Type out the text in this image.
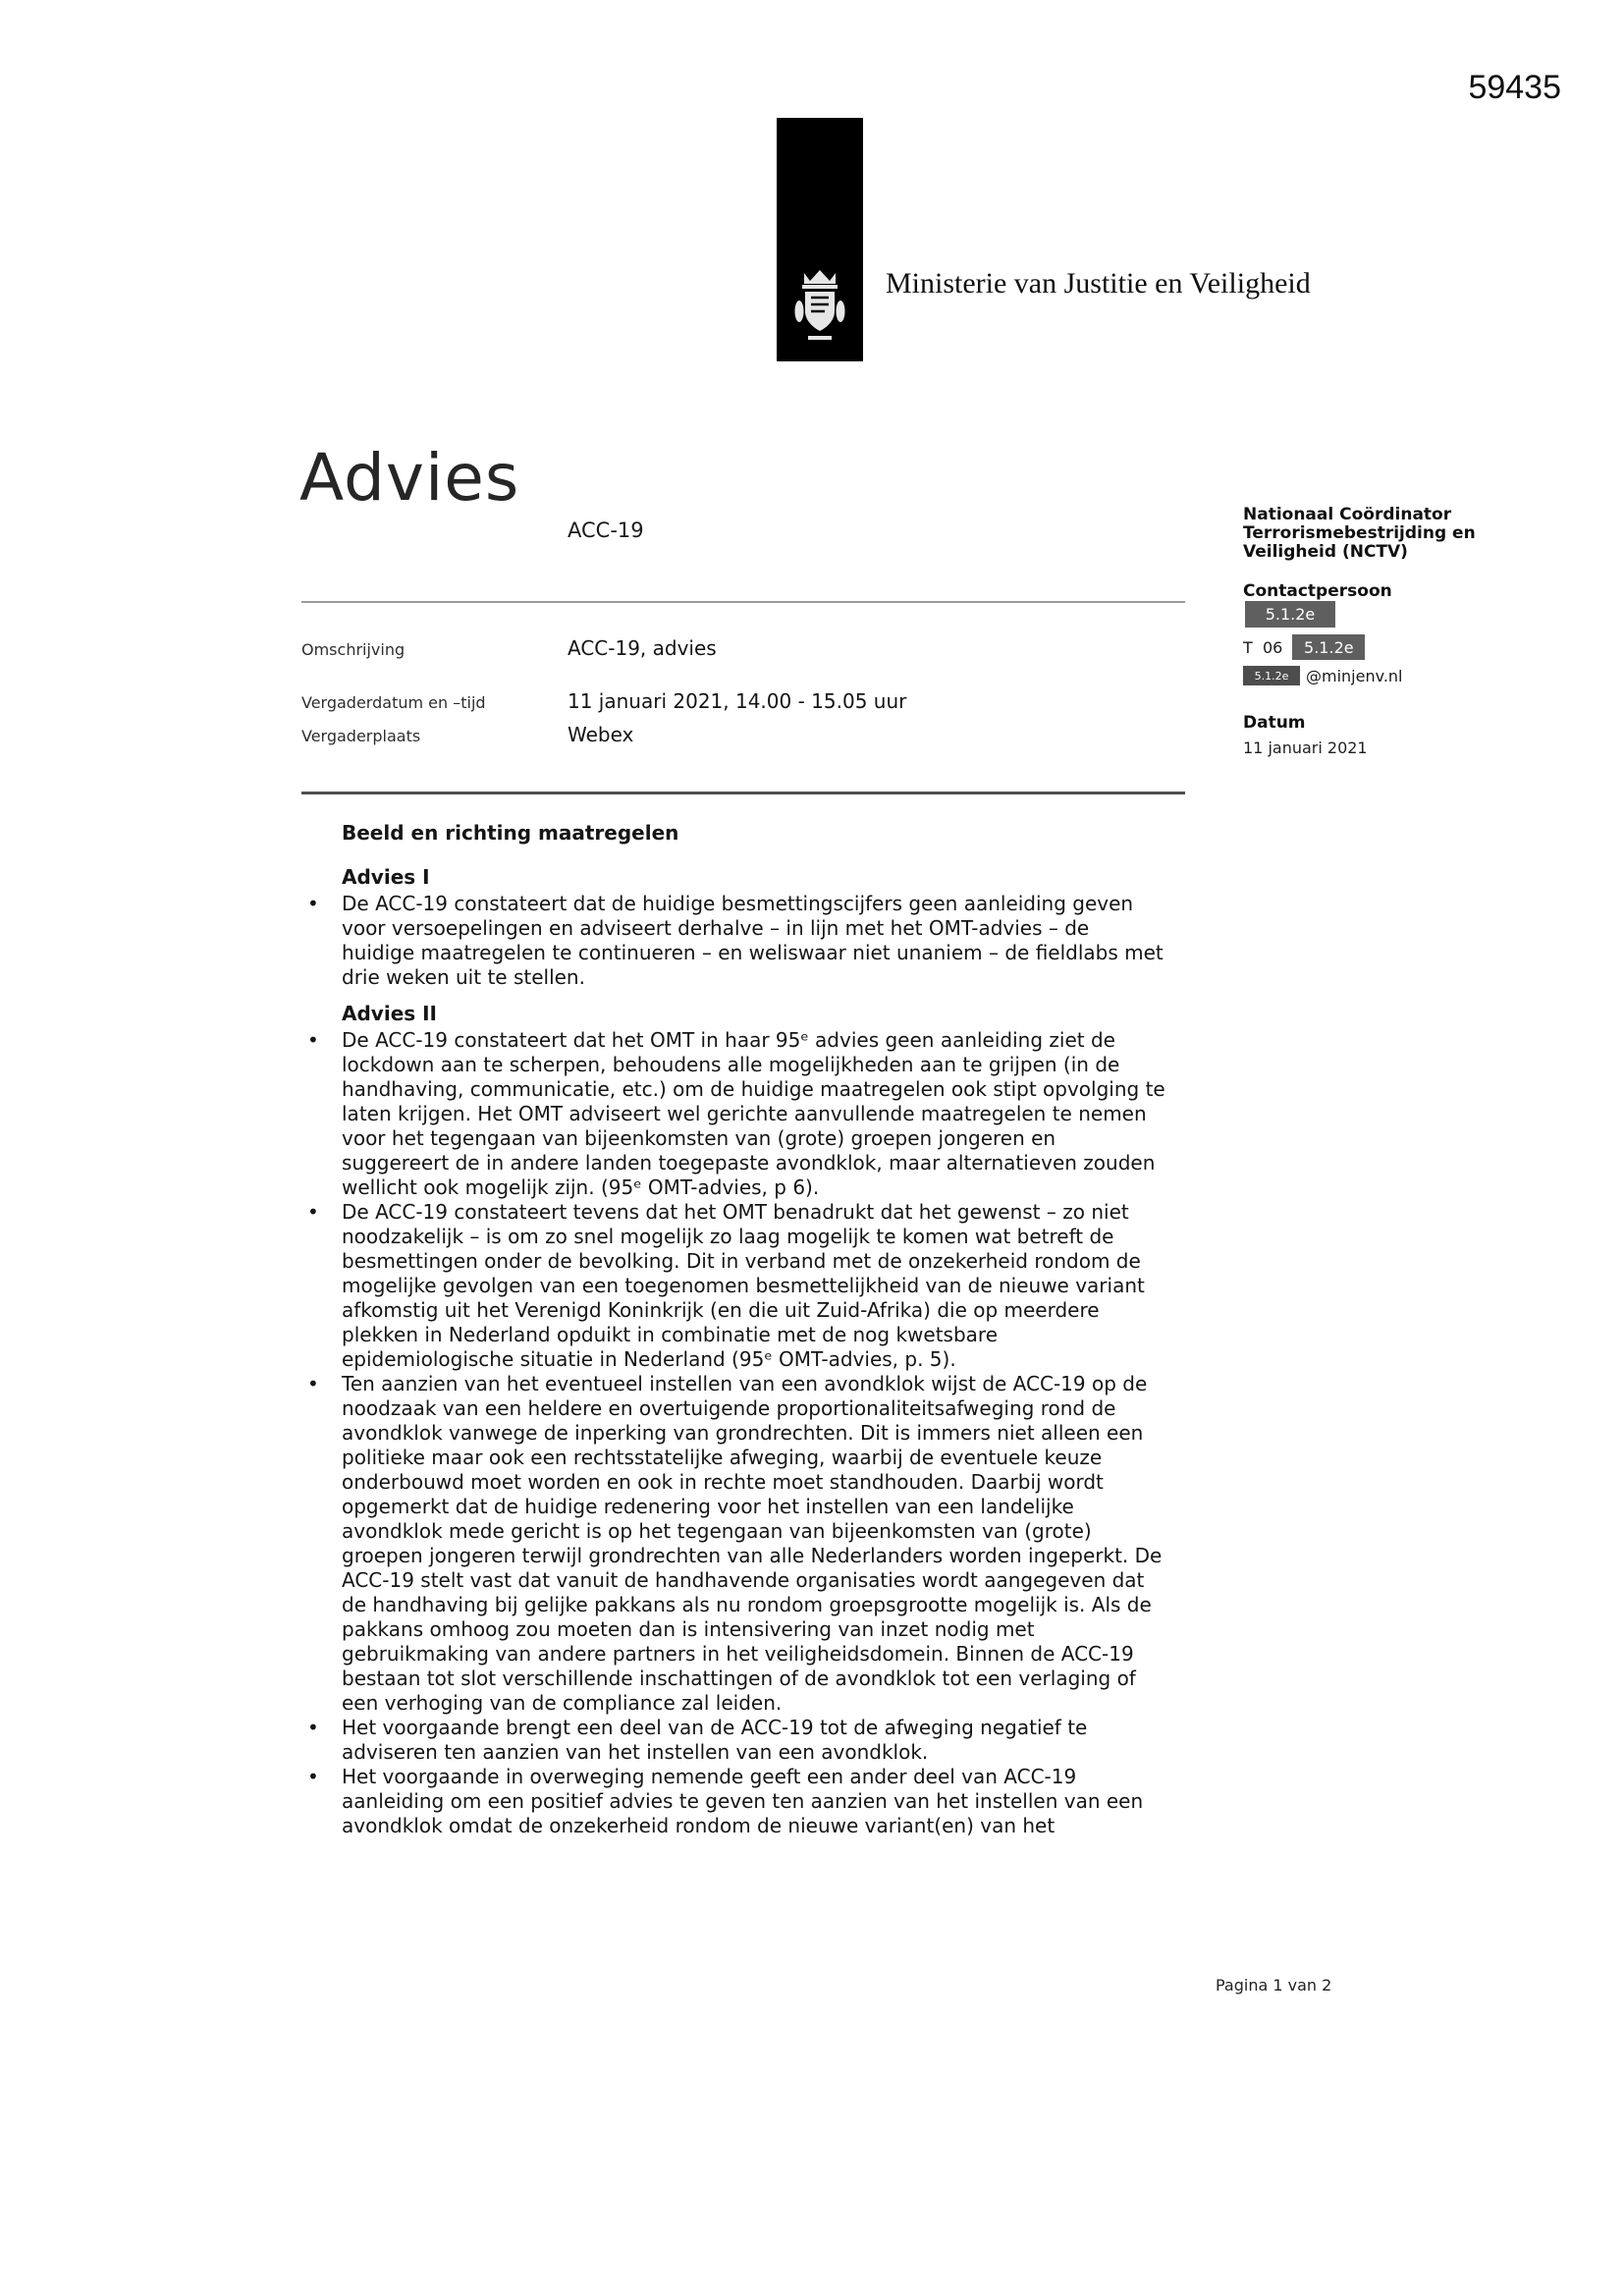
59435
Ministerie van Justitie en Veiligheid
Advies
ACC-19
Omschrijving	ACC-19, advies
Vergaderdatum en –tijd	11 januari 2021, 14.00 - 15.05 uur
Vergaderplaats	Webex
Nationaal Coördinator
Terrorismebestrijding en
Veiligheid (NCTV)
Contactpersoon
5.1.2e
T  06	5.1.2e
5.1.2e	@minjenv.nl
Datum
11 januari 2021
Beeld en richting maatregelen
Advies I
• De ACC-19 constateert dat de huidige besmettingscijfers geen aanleiding geven voor versoepelingen en adviseert derhalve – in lijn met het OMT-advies – de huidige maatregelen te continueren – en weliswaar niet unaniem – de fieldlabs met drie weken uit te stellen.
Advies II
• De ACC-19 constateert dat het OMT in haar 95ᵉ advies geen aanleiding ziet de lockdown aan te scherpen, behoudens alle mogelijkheden aan te grijpen (in de handhaving, communicatie, etc.) om de huidige maatregelen ook stipt opvolging te laten krijgen. Het OMT adviseert wel gerichte aanvullende maatregelen te nemen voor het tegengaan van bijeenkomsten van (grote) groepen jongeren en suggereert de in andere landen toegepaste avondklok, maar alternatieven zouden wellicht ook mogelijk zijn. (95ᵉ OMT-advies, p 6).
• De ACC-19 constateert tevens dat het OMT benadrukt dat het gewenst – zo niet noodzakelijk – is om zo snel mogelijk zo laag mogelijk te komen wat betreft de besmettingen onder de bevolking. Dit in verband met de onzekerheid rondom de mogelijke gevolgen van een toegenomen besmettelijkheid van de nieuwe variant afkomstig uit het Verenigd Koninkrijk (en die uit Zuid-Afrika) die op meerdere plekken in Nederland opduikt in combinatie met de nog kwetsbare epidemiologische situatie in Nederland (95ᵉ OMT-advies, p. 5).
• Ten aanzien van het eventueel instellen van een avondklok wijst de ACC-19 op de noodzaak van een heldere en overtuigende proportionaliteitsafweging rond de avondklok vanwege de inperking van grondrechten. Dit is immers niet alleen een politieke maar ook een rechtsstatelijke afweging, waarbij de eventuele keuze onderbouwd moet worden en ook in rechte moet standhouden. Daarbij wordt opgemerkt dat de huidige redenering voor het instellen van een landelijke avondklok mede gericht is op het tegengaan van bijeenkomsten van (grote) groepen jongeren terwijl grondrechten van alle Nederlanders worden ingeperkt. De ACC-19 stelt vast dat vanuit de handhavende organisaties wordt aangegeven dat de handhaving bij gelijke pakkans als nu rondom groepsgrootte mogelijk is. Als de pakkans omhoog zou moeten dan is intensivering van inzet nodig met gebruikmaking van andere partners in het veiligheidsdomein. Binnen de ACC-19 bestaan tot slot verschillende inschattingen of de avondklok tot een verlaging of een verhoging van de compliance zal leiden.
• Het voorgaande brengt een deel van de ACC-19 tot de afweging negatief te adviseren ten aanzien van het instellen van een avondklok.
• Het voorgaande in overweging nemende geeft een ander deel van ACC-19 aanleiding om een positief advies te geven ten aanzien van het instellen van een avondklok omdat de onzekerheid rondom de nieuwe variant(en) van het
Pagina 1 van 2
